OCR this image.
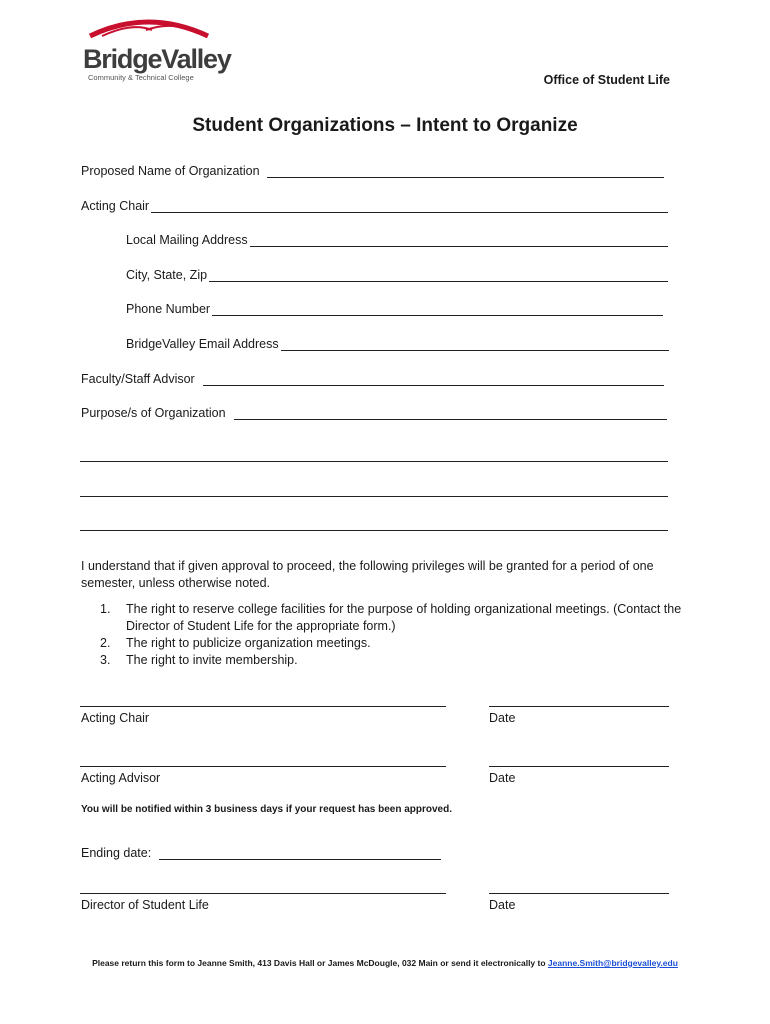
BridgeValley
Community & Technical College	Office of Student Life
Student Organizations – Intent to Organize
Proposed Name of Organization
Acting Chair
Local Mailing Address
City, State, Zip
Phone Number
BridgeValley Email Address
Faculty/Staff Advisor
Purpose/s of Organization
I understand that if given approval to proceed, the following privileges will be granted for a period of one semester, unless otherwise noted.
1.	The right to reserve college facilities for the purpose of holding organizational meetings. (Contact the Director of Student Life for the appropriate form.)
2.	The right to publicize organization meetings.
3.	The right to invite membership.
Acting Chair	Date
Acting Advisor	Date
You will be notified within 3 business days if your request has been approved.
Ending date:
Director of Student Life	Date
Please return this form to Jeanne Smith, 413 Davis Hall or James McDougle, 032 Main or send it electronically to Jeanne.Smith@bridgevalley.edu
